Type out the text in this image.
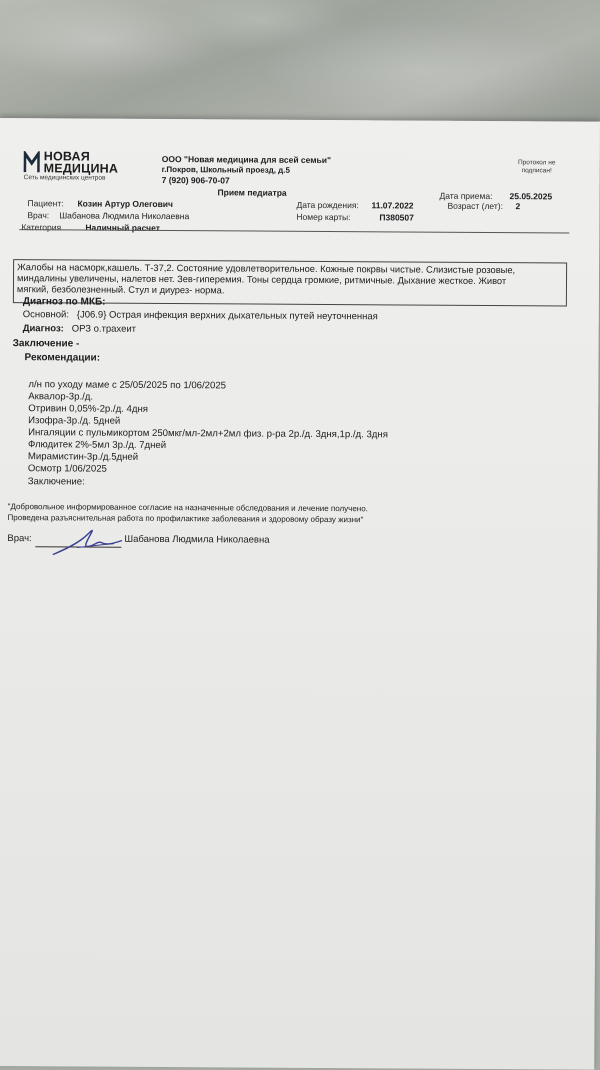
НОВАЯ
МЕДИЦИНА
Сеть медицинских центров
ООО "Новая медицина для всей семьи"
г.Покров, Школьный проезд, д.5
7 (920) 906-70-07
Протокол не подписан!
Прием педиатра	Дата приема: 25.05.2025
Пациент: Козин Артур Олегович	Дата рождения: 11.07.2022	Возраст (лет): 2
Врач: Шабанова Людмила Николаевна	Номер карты:	П380507
Категория	Наличный расчет
Жалобы на насморк,кашель. Т-37,2. Состояние удовлетворительное. Кожные покрвы чистые. Слизистые розовые,
миндалины увеличены, налетов нет. Зев-гиперемия. Тоны сердца громкие, ритмичные. Дыхание жесткое. Живот
мягкий, безболезненный. Стул и диурез- норма.
Диагноз по МКБ:
Основной: {J06.9} Острая инфекция верхних дыхательных путей неуточненная
Диагноз: ОРЗ о.трахеит
Заключение -
Рекомендации:
л/н по уходу маме с 25/05/2025 по 1/06/2025
Аквалор-3р./д.
Отривин 0,05%-2р./д. 4дня
Изофра-3р./д. 5дней
Ингаляции с пульмикортом 250мкг/мл-2мл+2мл физ. р-ра 2р./д. 3дня,1р./д. 3дня
Флюдитек 2%-5мл 3р./д. 7дней
Мирамистин-3р./д.5дней
Осмотр 1/06/2025
Заключение:
"Добровольное информированное согласие на назначенные обследования и лечение получено.
Проведена разъяснительная работа по профилактике заболевания и здоровому образу жизни"
Врач:	Шабанова Людмила Николаевна
